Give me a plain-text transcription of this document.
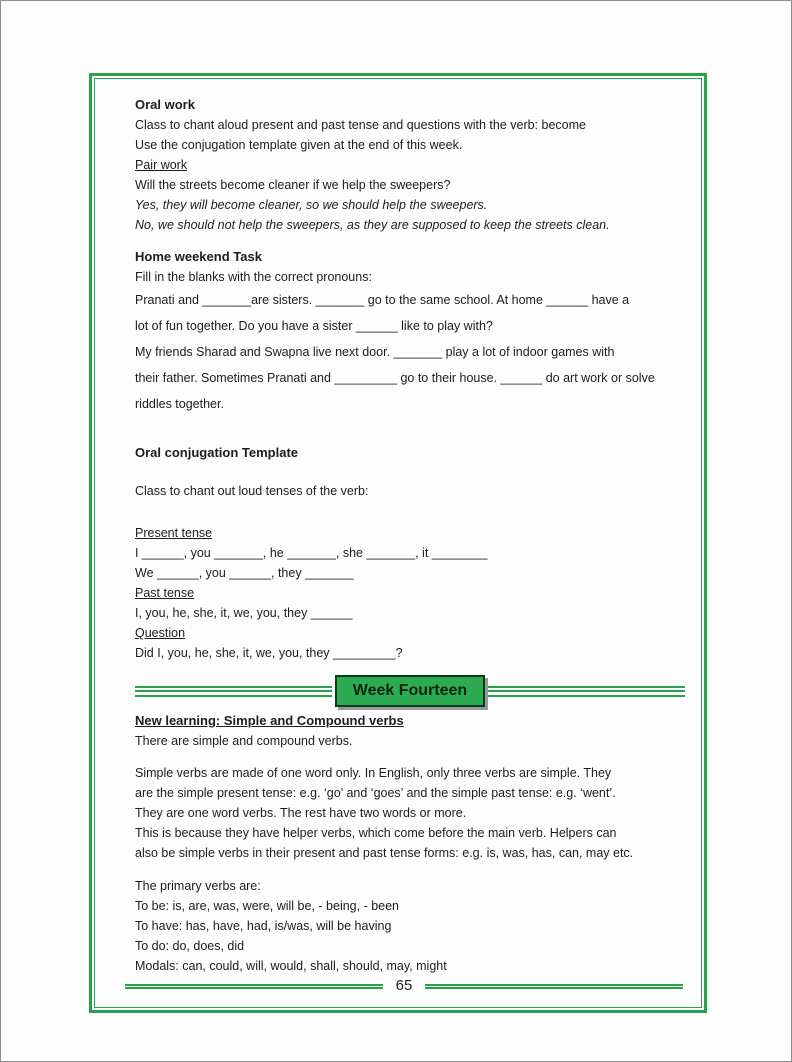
Oral work
Class to chant aloud present and past tense and questions with the verb: become
Use the conjugation template given at the end of this week.
Pair work
Will the streets become cleaner if we help the sweepers?
Yes, they will become cleaner, so we should help the sweepers.
No, we should not help the sweepers, as they are supposed to keep the streets clean.
Home weekend Task
Fill in the blanks with the correct pronouns:
Pranati and _______are sisters. _______ go to the same school. At home ______ have a
lot of fun together. Do you have a sister ______ like to play with?
My friends Sharad and Swapna live next door. _______ play a lot of indoor games with
their father. Sometimes Pranati and _________ go to their house. ______ do art work or solve
riddles together.
Oral conjugation Template
Class to chant out loud tenses of the verb:
Present tense
I ______, you _______, he _______, she _______, it ________
We ______, you ______, they _______
Past tense
I, you, he, she, it, we, you, they ______
Question
Did I, you, he, she, it, we, you, they _________?
Week Fourteen
New learning: Simple and Compound verbs
There are simple and compound verbs.
Simple verbs are made of one word only. In English, only three verbs are simple. They
are the simple present tense: e.g. ‘go’ and ‘goes’ and the simple past tense: e.g. ‘went’.
They are one word verbs. The rest have two words or more.
This is because they have helper verbs, which come before the main verb. Helpers can
also be simple verbs in their present and past tense forms: e.g. is, was, has, can, may etc.
The primary verbs are:
To be: is, are, was, were, will be, - being, - been
To have: has, have, had, is/was, will be having
To do: do, does, did
Modals: can, could, will, would, shall, should, may, might
65
